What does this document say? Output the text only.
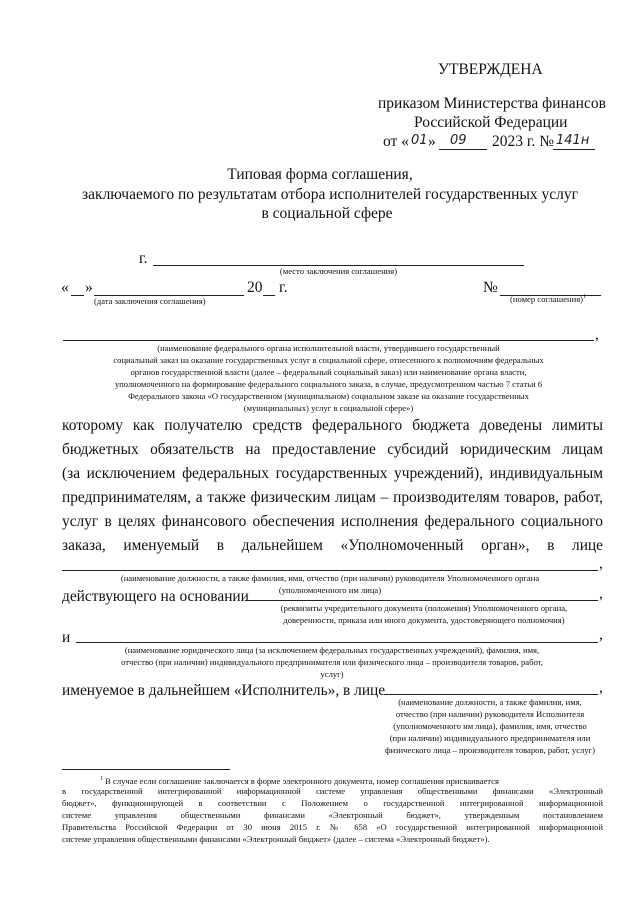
УТВЕРЖДЕНА
приказом Министерства финансов
Российской Федерации
от « 01 » 09 2023 г. № 141н
Типовая форма соглашения,
заключаемого по результатам отбора исполнителей государственных услуг
в социальной сфере
г.
(место заключения соглашения)
« »	20 г.	№
(дата заключения соглашения)	(номер соглашения)$^1$
,
(наименование федерального органа исполнительной власти, утвердившего государственный
социальный заказ на оказание государственных услуг в социальной сфере, отнесенного к полномочиям федеральных
органов государственной власти (далее – федеральный социальный заказ) или наименование органа власти,
уполномоченного на формирование федерального социального заказа, в случае, предусмотренном частью 7 статьи 6
Федерального закона «О государственном (муниципальном) социальном заказе на оказание государственных
(муниципальных) услуг в социальной сфере»)
которому как получателю средств федерального бюджета доведены лимиты
бюджетных обязательств на предоставление субсидий юридическим лицам
(за исключением федеральных государственных учреждений), индивидуальным
предпринимателям, а также физическим лицам – производителям товаров, работ,
услуг в целях финансового обеспечения исполнения федерального социального
заказа, именуемый в дальнейшем «Уполномоченный орган», в лице
,
(наименование должности, а также фамилия, имя, отчество (при наличии) руководителя Уполномоченного органа
(уполномоченного им лица)
действующего на основании	,
(реквизиты учредительного документа (положения) Уполномоченного органа,
доверенности, приказа или иного документа, удостоверяющего полномочия)
и	,
(наименование юридического лица (за исключением федеральных государственных учреждений), фамилия, имя,
отчество (при наличии) индивидуального предпринимателя или физического лица – производителя товаров, работ,
услуг)
именуемое в дальнейшем «Исполнитель», в лице	,
(наименование должности, а также фамилия, имя,
отчество (при наличии) руководителя Исполнителя
(уполномоченного им лица), фамилия, имя, отчество
(при наличии) индивидуального предпринимателя или
физического лица – производителя товаров, работ, услуг)
$^1$ В случае если соглашение заключается в форме электронного документа, номер соглашения присваивается
в государственной интегрированной информационной системе управления общественными финансами «Электронный
бюджет», функционирующей в соответствии с Положением о государственной интегрированной информационной
системе управления общественными финансами «Электронный бюджет», утвержденным постановлением
Правительства Российской Федерации от 30 июня 2015 г. № 658 «О государственной интегрированной информационной
системе управления общественными финансами «Электронный бюджет» (далее – система «Электронный бюджет»).
